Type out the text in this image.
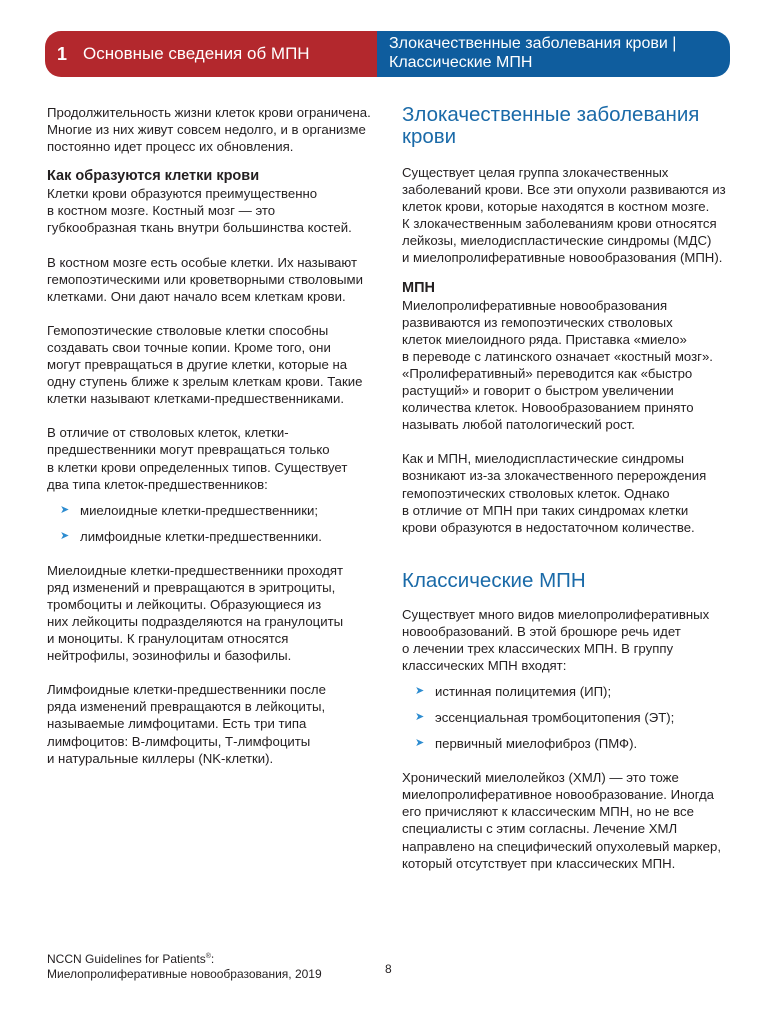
1 Основные сведения об МПН
Злокачественные заболевания крови |
Классические МПН

Продолжительность жизни клеток крови ограничена.
Многие из них живут совсем недолго, и в организме
постоянно идет процесс их обновления.

Как образуются клетки крови

Клетки крови образуются преимущественно
в костном мозге. Костный мозг — это
губкообразная ткань внутри большинства костей.

В костном мозге есть особые клетки. Их называют
гемопоэтическими или кроветворными стволовыми
клетками. Они дают начало всем клеткам крови.

Гемопоэтические стволовые клетки способны
создавать свои точные копии. Кроме того, они
могут превращаться в другие клетки, которые на
одну ступень ближе к зрелым клеткам крови. Такие
клетки называют клетками-предшественниками.

В отличие от стволовых клеток, клетки-
предшественники могут превращаться только
в клетки крови определенных типов. Существует
два типа клеток-предшественников:

➤ миелоидные клетки-предшественники;
➤ лимфоидные клетки-предшественники.

Миелоидные клетки-предшественники проходят
ряд изменений и превращаются в эритроциты,
тромбоциты и лейкоциты. Образующиеся из
них лейкоциты подразделяются на гранулоциты
и моноциты. К гранулоцитам относятся
нейтрофилы, эозинофилы и базофилы.

Лимфоидные клетки-предшественники после
ряда изменений превращаются в лейкоциты,
называемые лимфоцитами. Есть три типа
лимфоцитов: В-лимфоциты, Т-лимфоциты
и натуральные киллеры (NK-клетки).

Злокачественные заболевания
крови

Существует целая группа злокачественных
заболеваний крови. Все эти опухоли развиваются из
клеток крови, которые находятся в костном мозге.
К злокачественным заболеваниям крови относятся
лейкозы, миелодиспластические синдромы (МДС)
и миелопролиферативные новообразования (МПН).

МПН

Миелопролиферативные новообразования
развиваются из гемопоэтических стволовых
клеток миелоидного ряда. Приставка «миело»
в переводе с латинского означает «костный мозг».
«Пролиферативный» переводится как «быстро
растущий» и говорит о быстром увеличении
количества клеток. Новообразованием принято
называть любой патологический рост.

Как и МПН, миелодиспластические синдромы
возникают из-за злокачественного перерождения
гемопоэтических стволовых клеток. Однако
в отличие от МПН при таких синдромах клетки
крови образуются в недостаточном количестве.

Классические МПН

Существует много видов миелопролиферативных
новообразований. В этой брошюре речь идет
о лечении трех классических МПН. В группу
классических МПН входят:

➤ истинная полицитемия (ИП);
➤ эссенциальная тромбоцитопения (ЭТ);
➤ первичный миелофиброз (ПМФ).

Хронический миелолейкоз (ХМЛ) — это тоже
миелопролиферативное новообразование. Иногда
его причисляют к классическим МПН, но не все
специалисты с этим согласны. Лечение ХМЛ
направлено на специфический опухолевый маркер,
который отсутствует при классических МПН.

NCCN Guidelines for Patients®:
Миелопролиферативные новообразования, 2019	8
